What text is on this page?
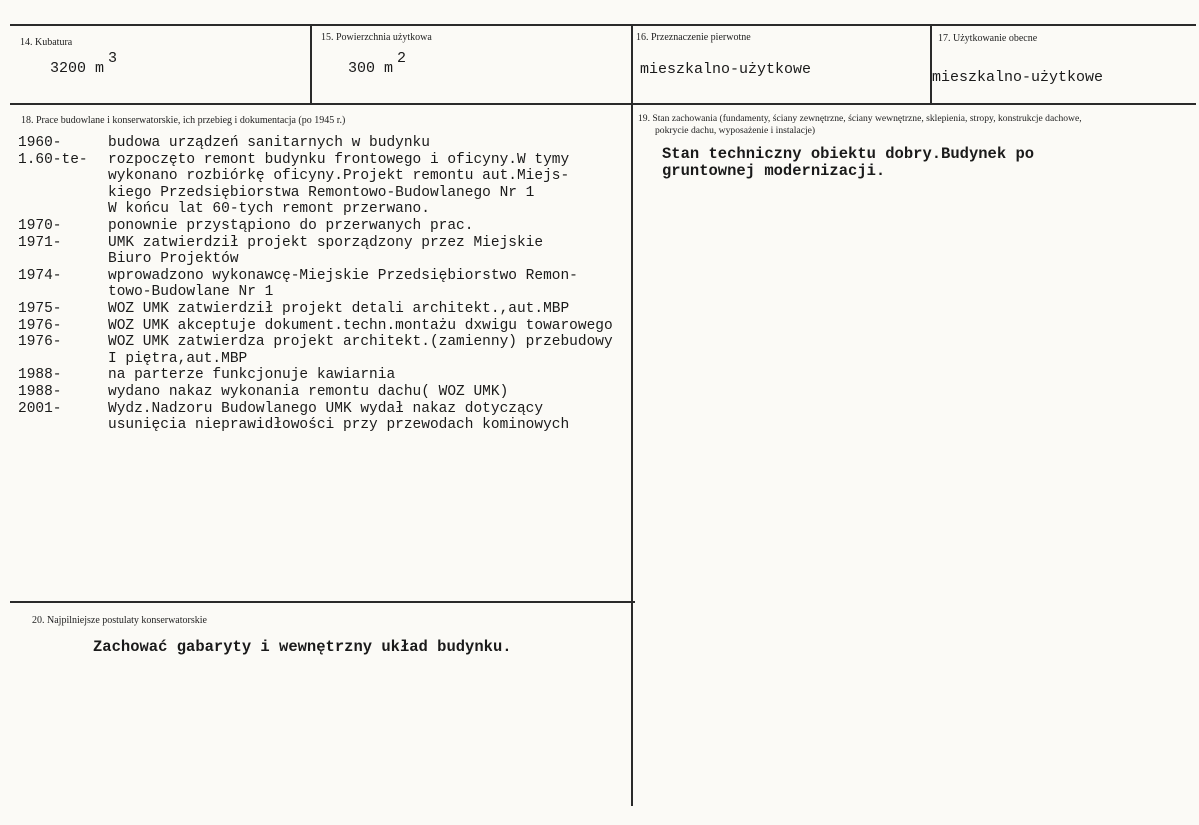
14. Kubatura
3200 m3
15. Powierzchnia użytkowa
300 m2
16. Przeznaczenie pierwotne
mieszkalno-użytkowe
17. Użytkowanie obecne
mieszkalno-użytkowe
18. Prace budowlane i konserwatorskie, ich przebieg i dokumentacja (po 1945 r.)
1960-	budowa urządzeń sanitarnych w budynku
1.60-te-	rozpoczęto remont budynku frontowego i oficyny.W tymy
wykonano rozbiórkę oficyny.Projekt remontu aut.Miejs-
kiego Przedsiębiorstwa Remontowo-Budowlanego Nr 1
W końcu lat 60-tych remont przerwano.
1970-	ponownie przystąpiono do przerwanych prac.
1971-	UMK zatwierdził projekt sporządzony przez Miejskie
Biuro Projektów
1974-	wprowadzono wykonawcę-Miejskie Przedsiębiorstwo Remon-
towo-Budowlane Nr 1
1975-	WOZ UMK zatwierdził projekt detali architekt.,aut.MBP
1976-	WOZ UMK akceptuje dokument.techn.montażu dxwigu towarowego
1976-	WOZ UMK zatwierdza projekt architekt.(zamienny) przebudowy
I piętra,aut.MBP
1988-	na parterze funkcjonuje kawiarnia
1988-	wydano nakaz wykonania remontu dachu( WOZ UMK)
2001-	Wydz.Nadzoru Budowlanego UMK wydał nakaz dotyczący
usunięcia nieprawidłowości przy przewodach kominowych
19. Stan zachowania (fundamenty, ściany zewnętrzne, ściany wewnętrzne, sklepienia, stropy, konstrukcje dachowe,
pokrycie dachu, wyposażenie i instalacje)
Stan techniczny obiektu dobry.Budynek po
gruntownej modernizacji.
20. Najpilniejsze postulaty konserwatorskie
Zachować gabaryty i wewnętrzny układ budynku.
